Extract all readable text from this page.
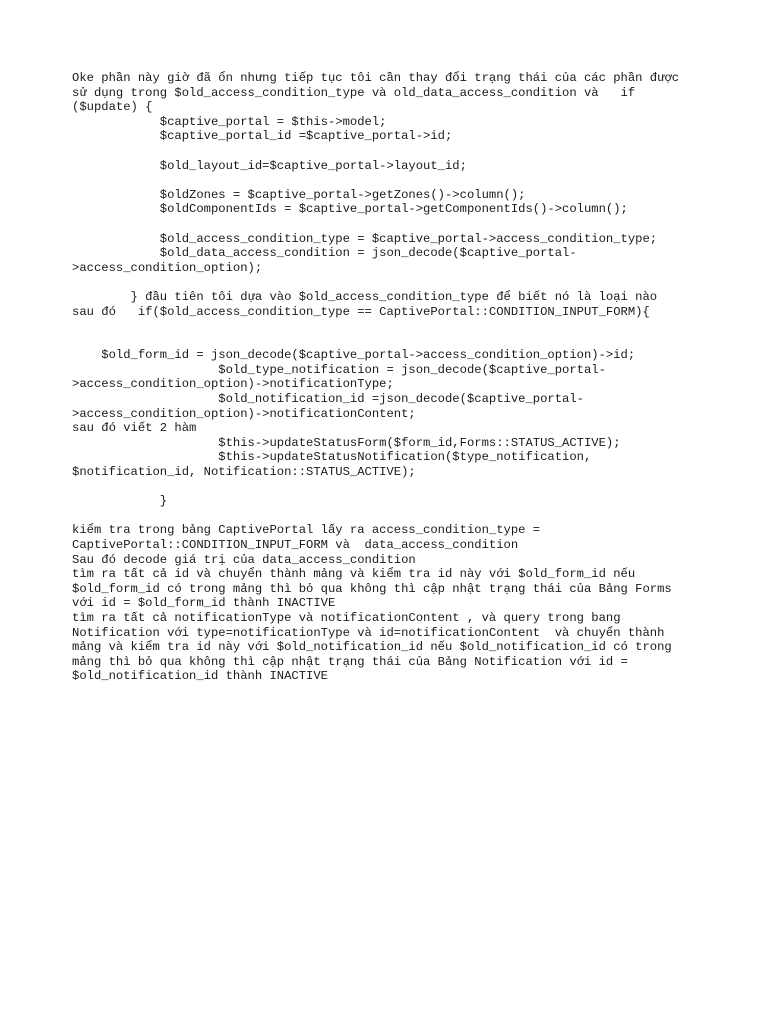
Oke phần này giờ đã ổn nhưng tiếp tục tôi cần thay đổi trạng thái của các phần được
sử dụng trong $old_access_condition_type và old_data_access_condition và   if
($update) {
$captive_portal = $this->model;
$captive_portal_id =$captive_portal->id;
$old_layout_id=$captive_portal->layout_id;
$oldZones = $captive_portal->getZones()->column();
$oldComponentIds = $captive_portal->getComponentIds()->column();
$old_access_condition_type = $captive_portal->access_condition_type;
$old_data_access_condition = json_decode($captive_portal-
>access_condition_option);
} đầu tiên tôi dựa vào $old_access_condition_type để biết nó là loại nào
sau đó   if($old_access_condition_type == CaptivePortal::CONDITION_INPUT_FORM){
$old_form_id = json_decode($captive_portal->access_condition_option)->id;
$old_type_notification = json_decode($captive_portal-
>access_condition_option)->notificationType;
$old_notification_id =json_decode($captive_portal-
>access_condition_option)->notificationContent;
sau đó viết 2 hàm
$this->updateStatusForm($form_id,Forms::STATUS_ACTIVE);
$this->updateStatusNotification($type_notification,
$notification_id, Notification::STATUS_ACTIVE);
}
kiểm tra trong bảng CaptivePortal lấy ra access_condition_type =
CaptivePortal::CONDITION_INPUT_FORM và  data_access_condition
Sau đó decode giá trị của data_access_condition
tìm ra tất cả id và chuyển thành mảng và kiểm tra id này với $old_form_id nếu
$old_form_id có trong mảng thì bỏ qua không thì cập nhật trạng thái của Bảng Forms
với id = $old_form_id thành INACTIVE
tìm ra tất cả notificationType và notificationContent , và query trong bang
Notification với type=notificationType và id=notificationContent  và chuyển thành
mảng và kiểm tra id này với $old_notification_id nếu $old_notification_id có trong
mảng thì bỏ qua không thì cập nhật trạng thái của Bảng Notification với id =
$old_notification_id thành INACTIVE
